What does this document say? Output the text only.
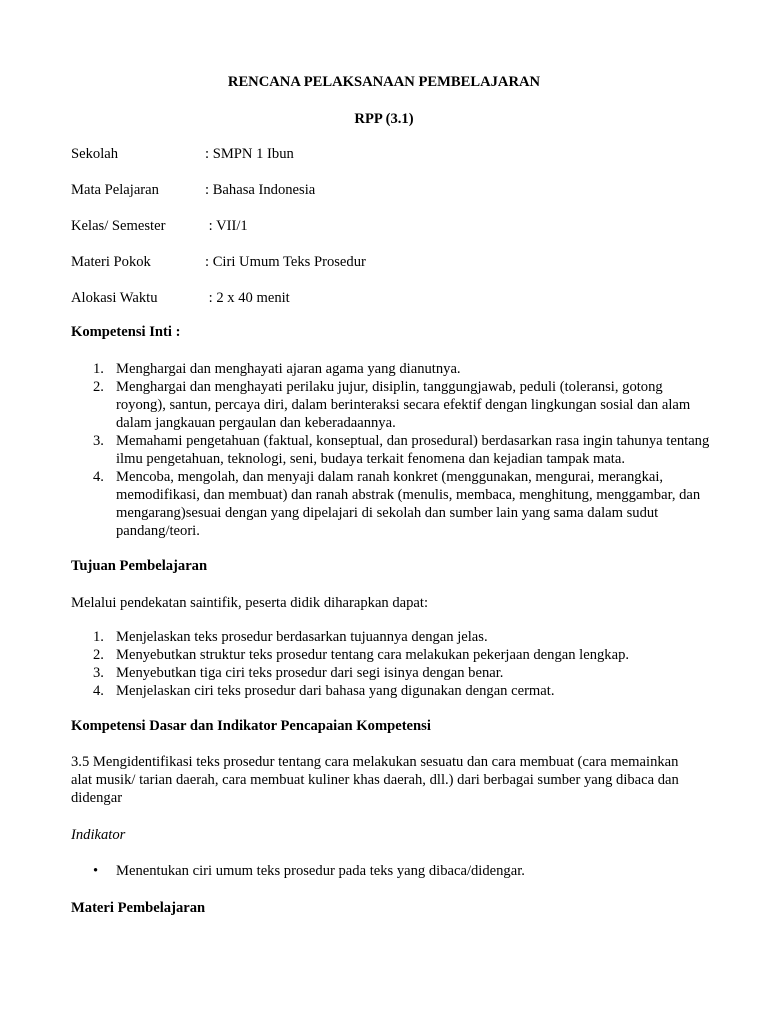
RENCANA PELAKSANAAN PEMBELAJARAN
RPP (3.1)
Sekolah	: SMPN 1 Ibun
Mata Pelajaran	: Bahasa Indonesia
Kelas/ Semester	: VII/1
Materi Pokok	: Ciri Umum Teks Prosedur
Alokasi Waktu	: 2 x 40 menit
Kompetensi Inti :
1. Menghargai dan menghayati ajaran agama yang dianutnya.
2. Menghargai dan menghayati perilaku jujur, disiplin, tanggungjawab, peduli (toleransi, gotong royong), santun, percaya diri, dalam berinteraksi secara efektif dengan lingkungan sosial dan alam dalam jangkauan pergaulan dan keberadaannya.
3. Memahami pengetahuan (faktual, konseptual, dan prosedural) berdasarkan rasa ingin tahunya tentang ilmu pengetahuan, teknologi, seni, budaya terkait fenomena dan kejadian tampak mata.
4. Mencoba, mengolah, dan menyaji dalam ranah konkret (menggunakan, mengurai, merangkai, memodifikasi, dan membuat) dan ranah abstrak (menulis, membaca, menghitung, menggambar, dan mengarang)sesuai dengan yang dipelajari di sekolah dan sumber lain yang sama dalam sudut pandang/teori.
Tujuan Pembelajaran
Melalui pendekatan saintifik, peserta didik diharapkan dapat:
1. Menjelaskan teks prosedur berdasarkan tujuannya dengan jelas.
2. Menyebutkan struktur teks prosedur tentang cara melakukan pekerjaan dengan lengkap.
3. Menyebutkan tiga ciri teks prosedur dari segi isinya dengan benar.
4. Menjelaskan ciri teks prosedur dari bahasa yang digunakan dengan cermat.
Kompetensi Dasar dan Indikator Pencapaian Kompetensi
3.5 Mengidentifikasi teks prosedur tentang cara melakukan sesuatu dan cara membuat (cara memainkan alat musik/ tarian daerah, cara membuat kuliner khas daerah, dll.) dari berbagai sumber yang dibaca dan didengar
Indikator
• Menentukan ciri umum teks prosedur pada teks yang dibaca/didengar.
Materi Pembelajaran
